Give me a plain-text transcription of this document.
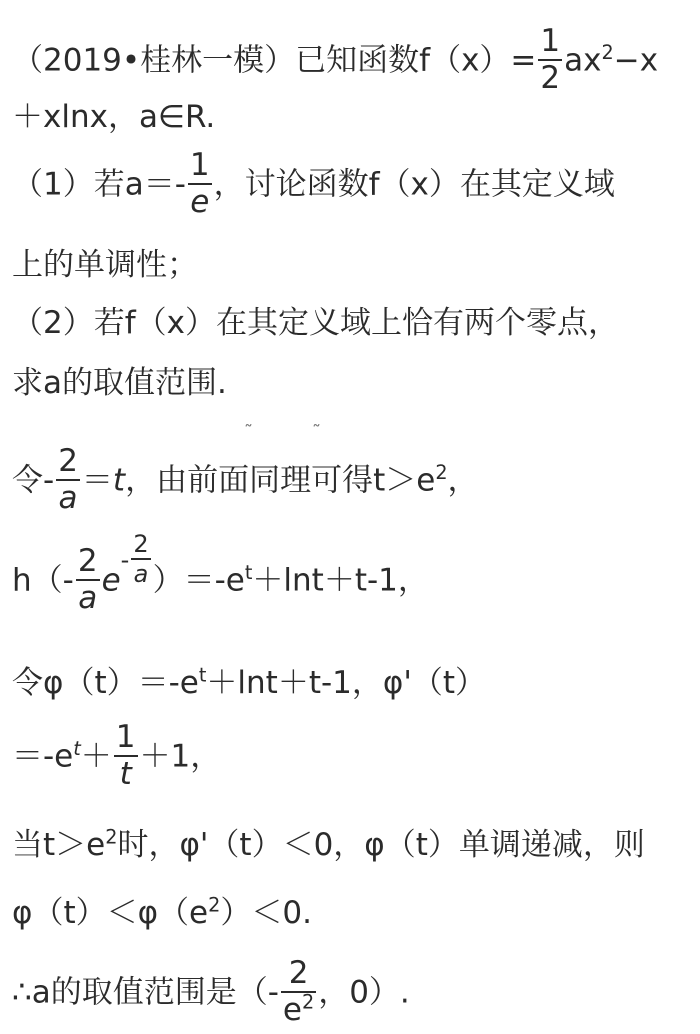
（2019•桂林一模）已知函数$f(x)= \frac{1}{2} ax^2-x$
＋xlnx，a∈R.
（1）若$a=- \frac{1}{e}$ ，讨论函数f（x）在其定义域
上的单调性；
（2）若f（x）在其定义域上恰有两个零点，
求a的取值范围.
˜	˜
令- $\frac{2}{a} =t$，由前面同理可得$t>e^2$，
$h(- \frac{2}{a} e- \frac{2}{a} )=-e^t+\ln t+t-1$，
令$\varphi(t)=-e^t+\ln t+t-1$，φ'（t）
$=-e^t+ \frac{1}{t} +1$，
当$t>e^2$时，φ'（t）＜0，φ（t）单调递减，则
$\varphi(t)<\varphi(e^2)<0$.
∴a的取值范围是（- $\frac{2}{e^2}$ ，0）.
